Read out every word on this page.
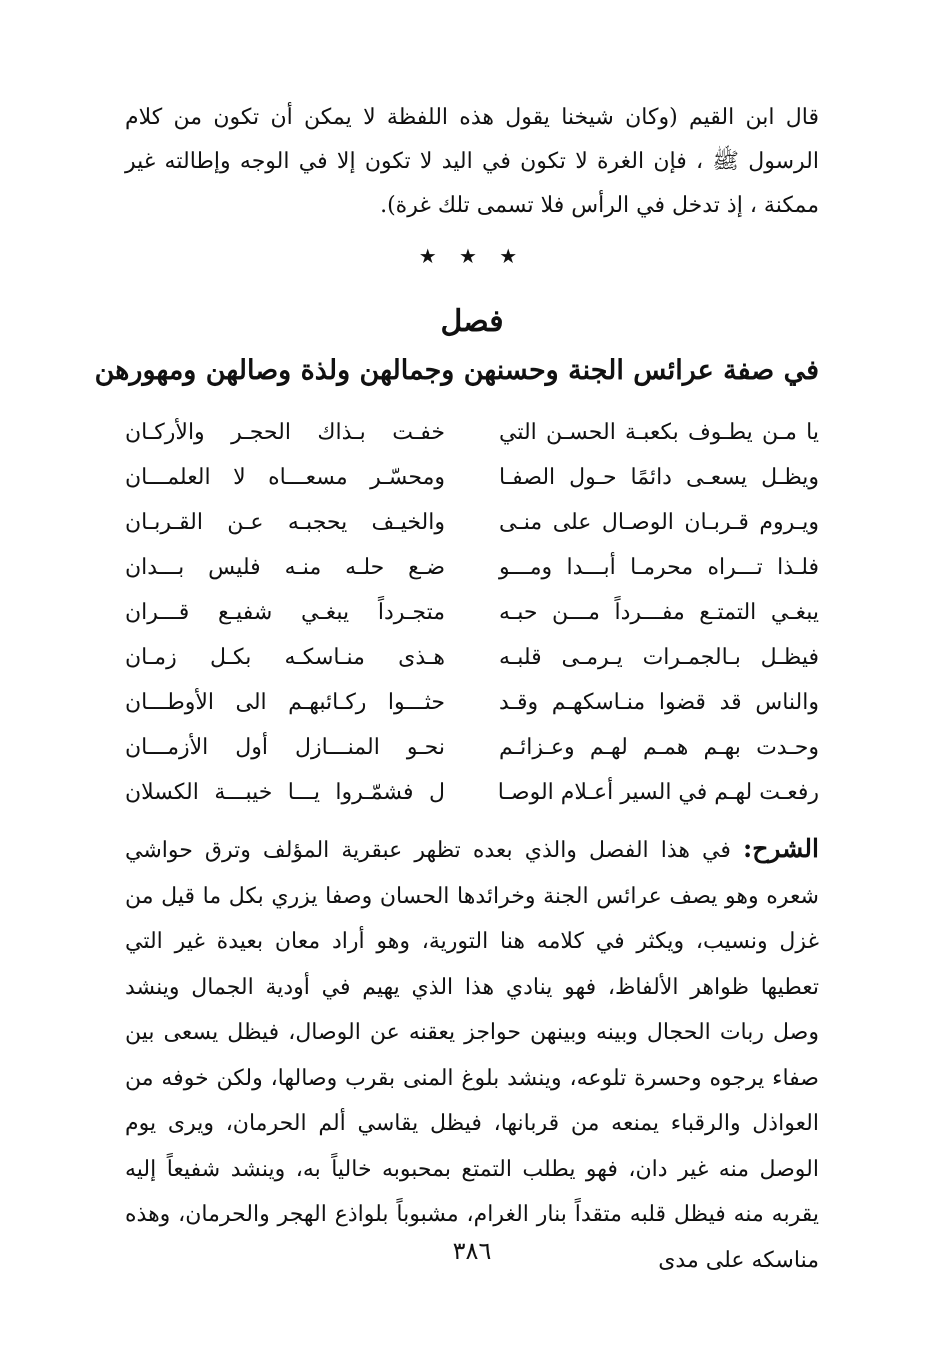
قال ابن القيم (وكان شيخنا يقول هذه اللفظة لا يمكن أن تكون من كلام الرسول ﷺ ، فإن الغرة لا تكون في اليد لا تكون إلا في الوجه وإطالته غير ممكنة ، إذ تدخل في الرأس فلا تسمى تلك غرة).

★ ★ ★
فصل
في صفة عرائس الجنة وحسنهن وجمالهن ولذة وصالهن ومهورهن
يا مـن يطـوف بكعبـة الحسـن التي
خفـت بـذاك الحجـر والأركـان
ويظـل يسعـى دائمًا حـول الصفـا
ومحسّـر مسعـــاه لا العلمـــان
ويـروم قـربـان الوصـال على منـى
والخيـف يحجبـه عـن القـربـان
فلـذا تـــراه محرمـا أبـــدا ومـــو
ضـع حلـه منـه فليس بـــدان
يبغـي التمتـع مفـــرداً مـــن حبـه
متجـرداً يبغـي شفيـع قـــران
فيظـل بـالجمـرات يـرمـى قلبـه
هـذى منـاسكـه بكـل زمـان
والناس قد قضوا منـاسكهـم وقـد
حثـــوا ركـائبهـم الى الأوطـــان
وحـدت بهـم همـم لهـم وعـزائـم
نحـو المنـــازل أول الأزمـــان
رفعـت لهـم في السير أعـلام الوصـا
ل فشمّـروا يـــا خيبـــة الكسلان

الشرح: في هذا الفصل والذي بعده تظهر عبقرية المؤلف وترق حواشي شعره وهو يصف عرائس الجنة وخرائدها الحسان وصفا يزري بكل ما قيل من غزل ونسيب، ويكثر في كلامه هنا التورية، وهو أراد معان بعيدة غير التي تعطيها ظواهر الألفاظ، فهو ينادي هذا الذي يهيم في أودية الجمال وينشد وصل ربات الحجال وبينه وبينهن حواجز يعقنه عن الوصال، فيظل يسعى بين صفاء يرجوه وحسرة تلوعه، وينشد بلوغ المنى بقرب وصالها، ولكن خوفه من العواذل والرقباء يمنعه من قربانها، فيظل يقاسي ألم الحرمان، ويرى يوم الوصل منه غير دان، فهو يطلب التمتع بمحبوبه خالياً به، وينشد شفيعاً إليه يقربه منه فيظل قلبه متقداً بنار الغرام، مشبوباً بلواذع الهجر والحرمان، وهذه مناسكه على مدى

٣٨٦
